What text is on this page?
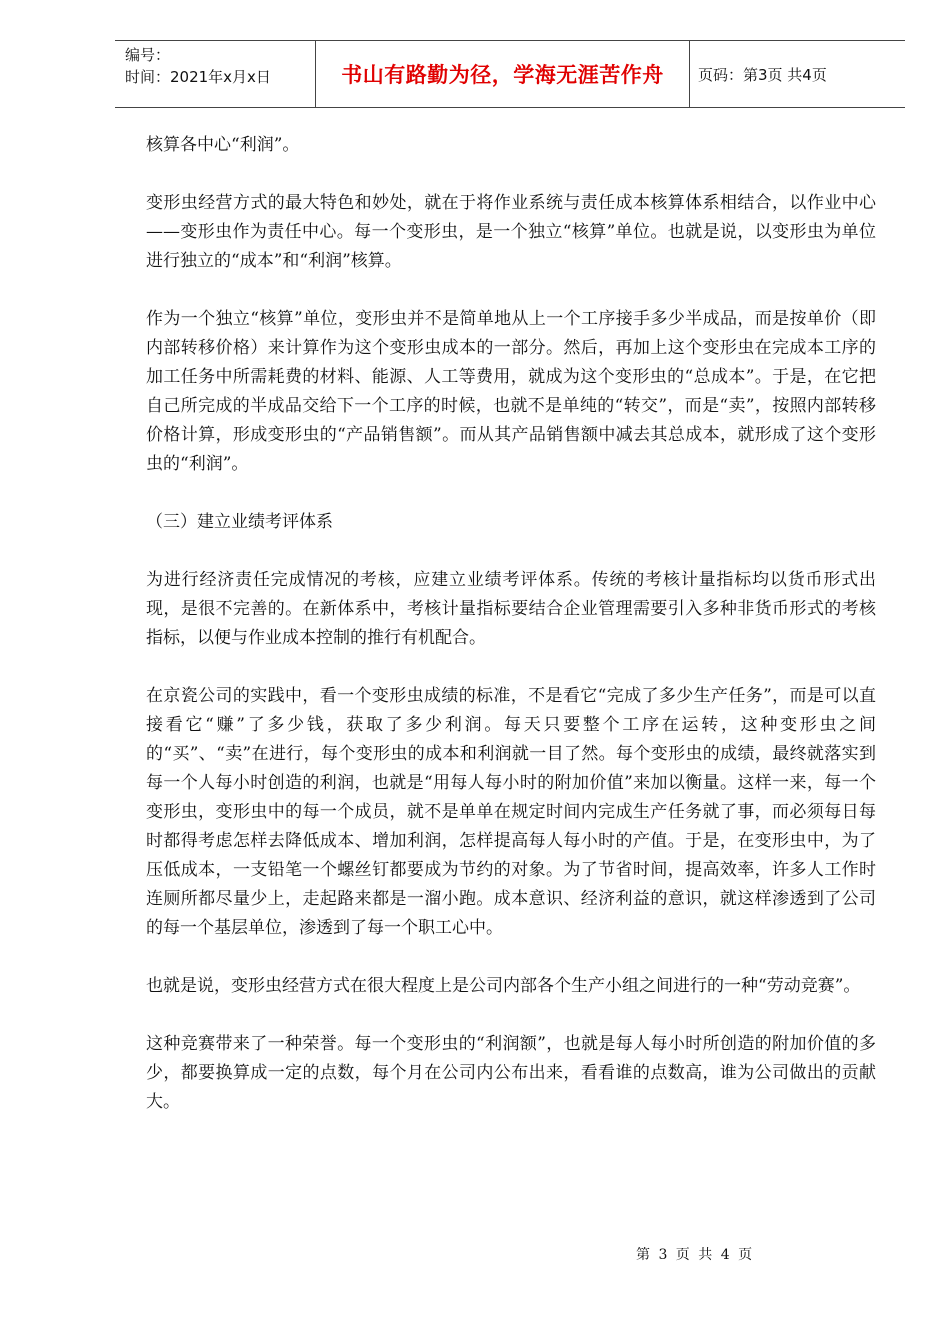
编号：
时间：2021年x月x日	书山有路勤为径，学海无涯苦作舟 页码：第3页 共4页

核算各中心“利润”。

变形虫经营方式的最大特色和妙处，就在于将作业系统与责任成本核算体系相结合，以作业中心——变形虫作为责任中心。每一个变形虫，是一个独立“核算”单位。也就是说，以变形虫为单位进行独立的“成本”和“利润”核算。

作为一个独立“核算”单位，变形虫并不是简单地从上一个工序接手多少半成品，而是按单价（即内部转移价格）来计算作为这个变形虫成本的一部分。然后，再加上这个变形虫在完成本工序的加工任务中所需耗费的材料、能源、人工等费用，就成为这个变形虫的“总成本”。于是，在它把自己所完成的半成品交给下一个工序的时候，也就不是单纯的“转交”，而是“卖”，按照内部转移价格计算，形成变形虫的“产品销售额”。而从其产品销售额中减去其总成本，就形成了这个变形虫的“利润”。

（三）建立业绩考评体系

为进行经济责任完成情况的考核，应建立业绩考评体系。传统的考核计量指标均以货币形式出现，是很不完善的。在新体系中，考核计量指标要结合企业管理需要引入多种非货币形式的考核指标，以便与作业成本控制的推行有机配合。

在京瓷公司的实践中，看一个变形虫成绩的标准，不是看它“完成了多少生产任务”，而是可以直接看它“赚”了多少钱，获取了多少利润。每天只要整个工序在运转，这种变形虫之间的“买”、“卖”在进行，每个变形虫的成本和利润就一目了然。每个变形虫的成绩，最终就落实到每一个人每小时创造的利润，也就是“用每人每小时的附加价值”来加以衡量。这样一来，每一个变形虫，变形虫中的每一个成员，就不是单单在规定时间内完成生产任务就了事，而必须每日每时都得考虑怎样去降低成本、增加利润，怎样提高每人每小时的产值。于是，在变形虫中，为了压低成本，一支铅笔一个螺丝钉都要成为节约的对象。为了节省时间，提高效率，许多人工作时连厕所都尽量少上，走起路来都是一溜小跑。成本意识、经济利益的意识，就这样渗透到了公司的每一个基层单位，渗透到了每一个职工心中。

也就是说，变形虫经营方式在很大程度上是公司内部各个生产小组之间进行的一种“劳动竞赛”。

这种竞赛带来了一种荣誉。每一个变形虫的“利润额”，也就是每人每小时所创造的附加价值的多少，都要换算成一定的点数，每个月在公司内公布出来，看看谁的点数高，谁为公司做出的贡献大。

第 3 页 共 4 页
